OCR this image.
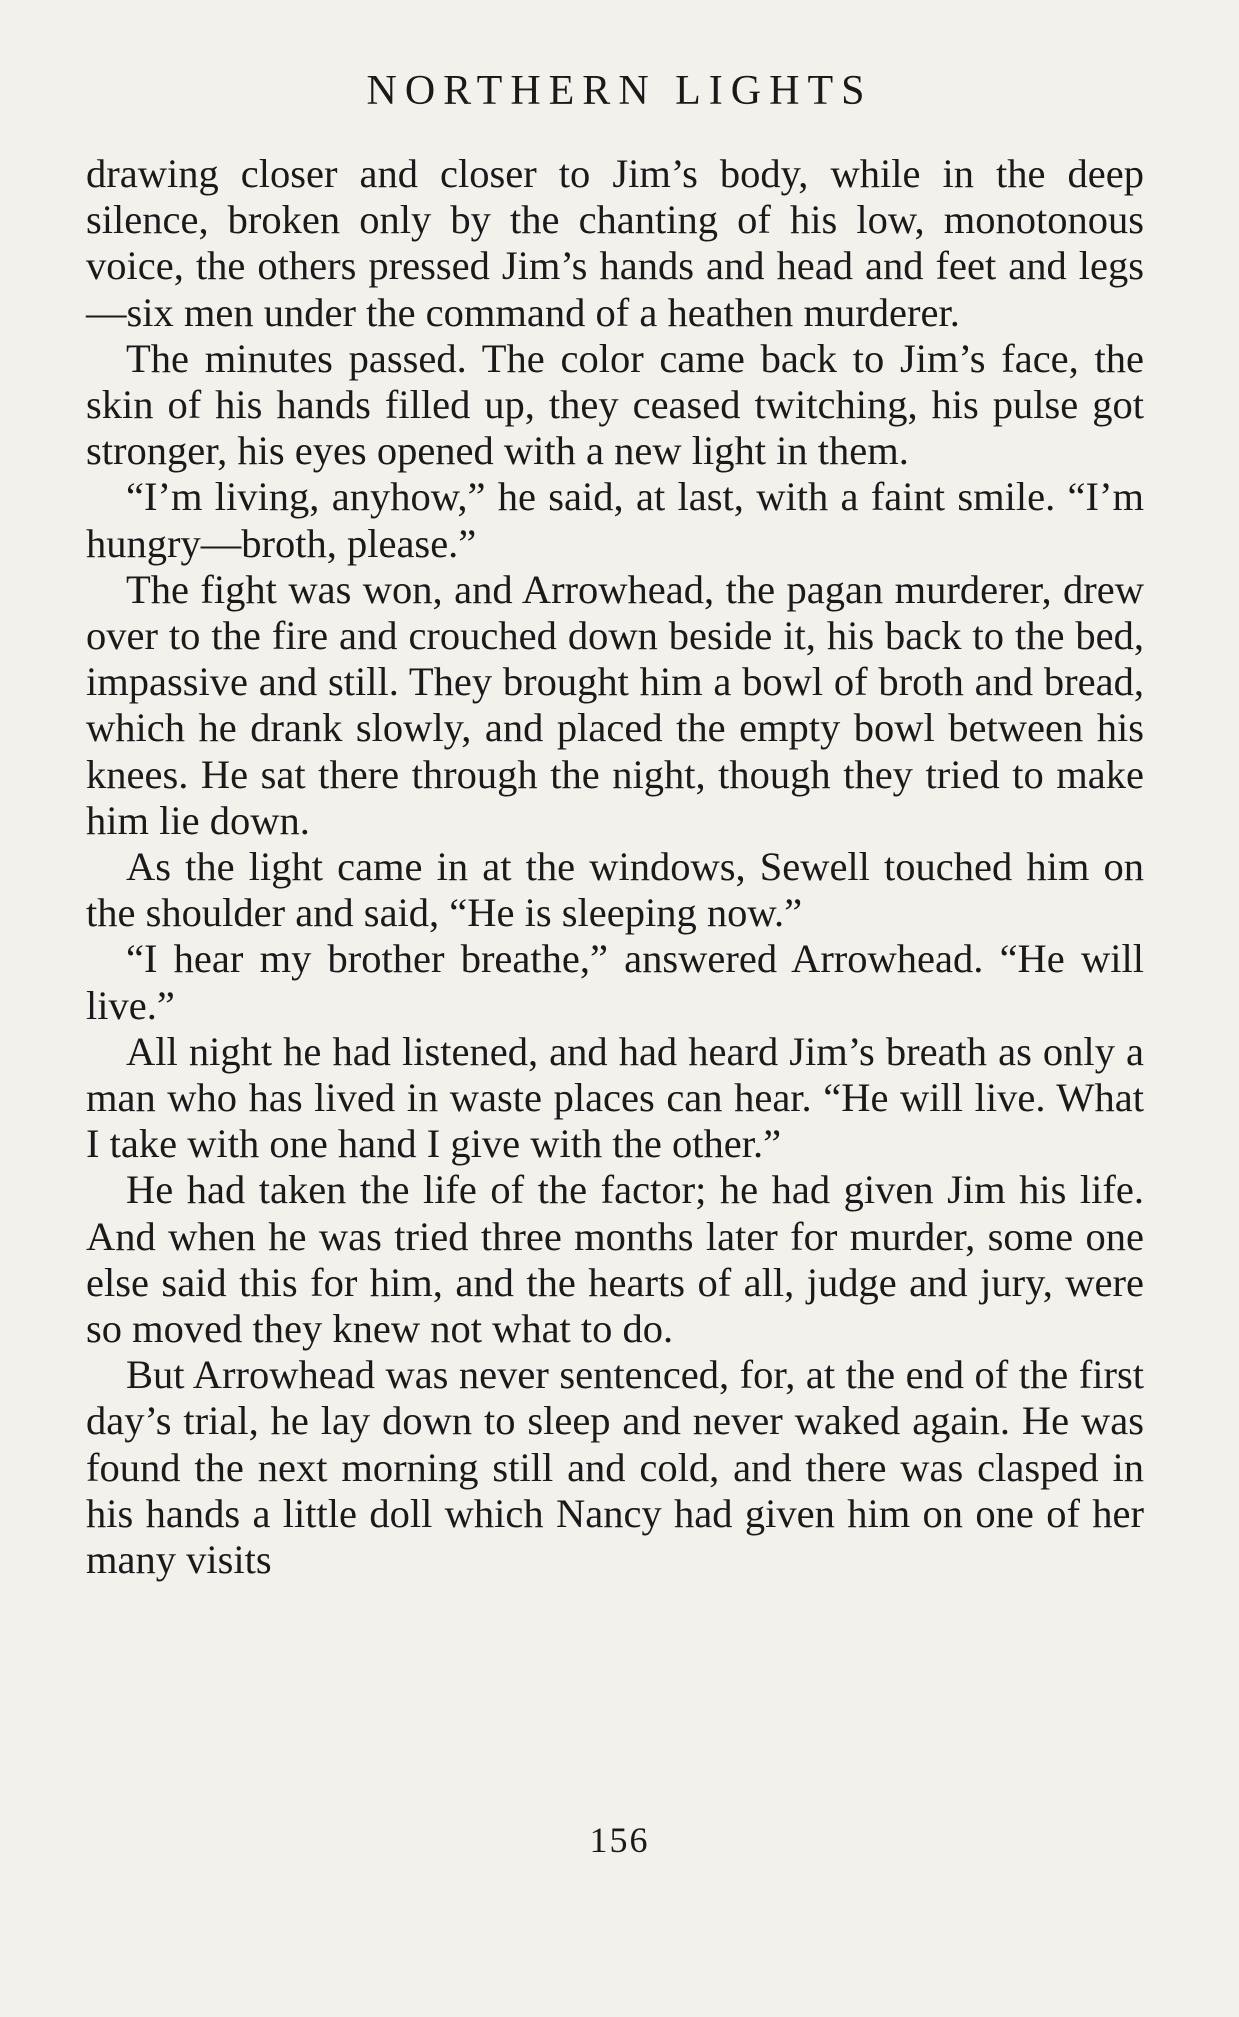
NORTHERN LIGHTS

drawing closer and closer to Jim’s body, while in the deep silence, broken only by the chanting of his low, monotonous voice, the others pressed Jim’s hands and head and feet and legs—six men under the command of a heathen murderer.

The minutes passed. The color came back to Jim’s face, the skin of his hands filled up, they ceased twitching, his pulse got stronger, his eyes opened with a new light in them.

“I’m living, anyhow,” he said, at last, with a faint smile. “I’m hungry—broth, please.”

The fight was won, and Arrowhead, the pagan murderer, drew over to the fire and crouched down beside it, his back to the bed, impassive and still. They brought him a bowl of broth and bread, which he drank slowly, and placed the empty bowl between his knees. He sat there through the night, though they tried to make him lie down.

As the light came in at the windows, Sewell touched him on the shoulder and said, “He is sleeping now.”

“I hear my brother breathe,” answered Arrowhead. “He will live.”

All night he had listened, and had heard Jim’s breath as only a man who has lived in waste places can hear. “He will live. What I take with one hand I give with the other.”

He had taken the life of the factor; he had given Jim his life. And when he was tried three months later for murder, some one else said this for him, and the hearts of all, judge and jury, were so moved they knew not what to do.

But Arrowhead was never sentenced, for, at the end of the first day’s trial, he lay down to sleep and never waked again. He was found the next morning still and cold, and there was clasped in his hands a little doll which Nancy had given him on one of her many visits

156
